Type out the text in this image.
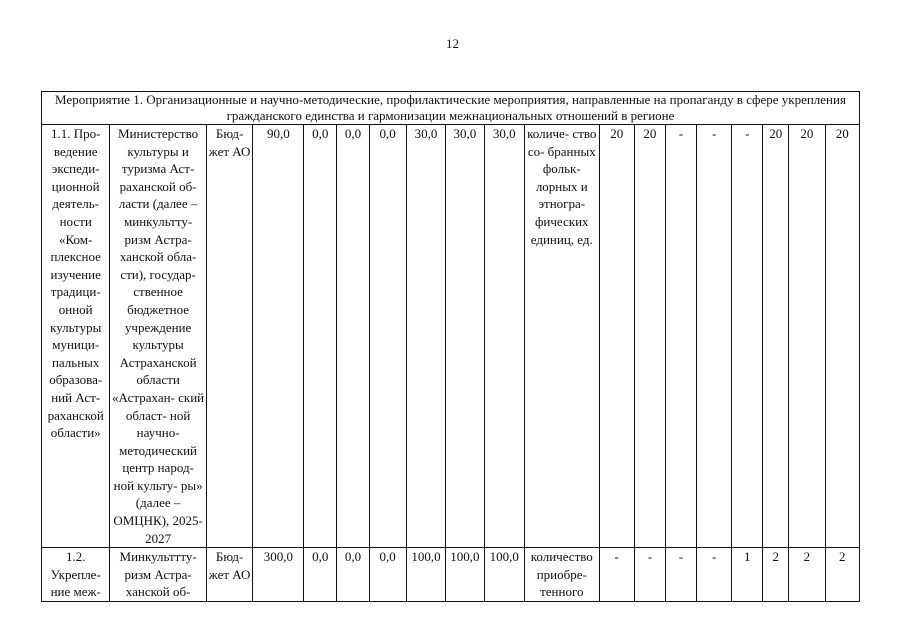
12
Мероприятие 1. Организационные и научно-методические, профилактические мероприятия, направленные на пропаганду в сфере укрепления гражданского единства и гармонизации межнациональных отношений в регионе																		
1.1. Про- ведение экспеди- ционной деятель- ности «Ком- плексное изучение традици- онной культуры муници- пальных образова- ний Аст- раханской области»	Министерство культуры и туризма Аст- раханской об- ласти (далее – минкультту- ризм Астра- ханской обла- сти), государ- ственное бюджетное учреждение культуры Астраханской области «Астрахан- ский област- ной научно- методический центр народ- ной культу- ры» (далее – ОМЦНК), 2025-2027	Бюд- жет АО	90,0	0,0	0,0	0,0	30,0	30,0	30,0	количе- ство со- бранных фольк- лорных и этногра- фических единиц, ед.	20	20	-	-	-	20	20	20
1.2. Укрепле- ние меж-	Минкульттту- ризм Астра- ханской об-	Бюд- жет АО	300,0	0,0	0,0	0,0	100,0	100,0	100,0	количество приобре- тенного	-	-	-	-	1	2	2	2
